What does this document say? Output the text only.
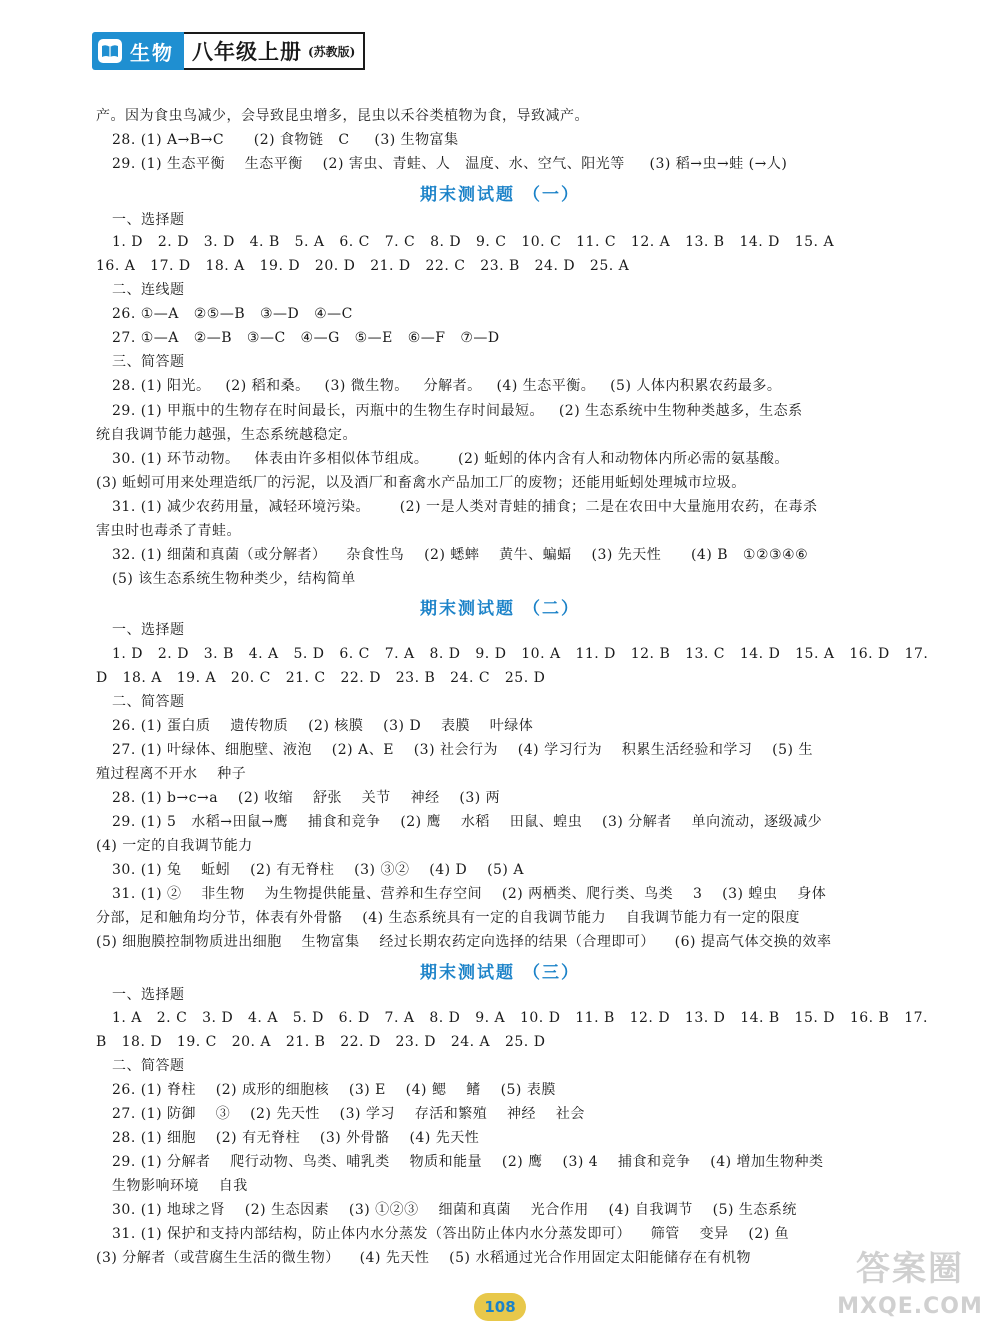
生物 八年级上册 (苏教版)
产。因为食虫鸟减少，会导致昆虫增多，昆虫以禾谷类植物为食，导致减产。
28. (1) A→B→C      (2) 食物链   C     (3) 生物富集
29. (1) 生态平衡    生态平衡    (2) 害虫、青蛙、人   温度、水、空气、阳光等     (3) 稻→虫→蛙 (→人)
期末测试题 （一）
一、选择题
1. D   2. D   3. D   4. B   5. A   6. C   7. C   8. D   9. C   10. C   11. C   12. A   13. B   14. D   15. A
16. A   17. D   18. A   19. D   20. D   21. D   22. C   23. B   24. D   25. A
二、连线题
26. ①—A   ②⑤—B   ③—D   ④—C
27. ①—A   ②—B   ③—C   ④—G   ⑤—E   ⑥—F   ⑦—D
三、简答题
28. (1) 阳光。   (2) 稻和桑。   (3) 微生物。   分解者。   (4) 生态平衡。   (5) 人体内积累农药最多。
29. (1) 甲瓶中的生物存在时间最长，丙瓶中的生物生存时间最短。   (2) 生态系统中生物种类越多，生态系
统自我调节能力越强，生态系统越稳定。
30. (1) 环节动物。   体表由许多相似体节组成。      (2) 蚯蚓的体内含有人和动物体内所必需的氨基酸。
(3) 蚯蚓可用来处理造纸厂的污泥，以及酒厂和畜禽水产品加工厂的废物；还能用蚯蚓处理城市垃圾。
31. (1) 减少农药用量，减轻环境污染。      (2) 一是人类对青蛙的捕食；二是在农田中大量施用农药，在毒杀
害虫时也毒杀了青蛙。
32. (1) 细菌和真菌（或分解者）    杂食性鸟    (2) 蟋蟀    黄牛、蝙蝠    (3) 先天性      (4) B   ①②③④⑥
(5) 该生态系统生物种类少，结构简单
期末测试题 （二）
一、选择题
1. D   2. D   3. B   4. A   5. D   6. C   7. A   8. D   9. D   10. A   11. D   12. B   13. C   14. D   15. A   16. D   17.
D   18. A   19. A   20. C   21. C   22. D   23. B   24. C   25. D
二、简答题
26. (1) 蛋白质    遗传物质    (2) 核膜    (3) D    表膜    叶绿体
27. (1) 叶绿体、细胞壁、液泡    (2) A、E    (3) 社会行为    (4) 学习行为    积累生活经验和学习    (5) 生
殖过程离不开水    种子
28. (1) b→c→a    (2) 收缩    舒张    关节    神经    (3) 两
29. (1) 5   水稻→田鼠→鹰    捕食和竞争    (2) 鹰    水稻    田鼠、蝗虫    (3) 分解者    单向流动，逐级减少
(4) 一定的自我调节能力
30. (1) 兔    蚯蚓    (2) 有无脊柱    (3) ③②    (4) D    (5) A
31. (1) ②    非生物    为生物提供能量、营养和生存空间    (2) 两栖类、爬行类、鸟类    3    (3) 蝗虫    身体
分部，足和触角均分节，体表有外骨骼    (4) 生态系统具有一定的自我调节能力    自我调节能力有一定的限度
(5) 细胞膜控制物质进出细胞    生物富集    经过长期农药定向选择的结果（合理即可）    (6) 提高气体交换的效率
期末测试题 （三）
一、选择题
1. A   2. C   3. D   4. A   5. D   6. D   7. A   8. D   9. A   10. D   11. B   12. D   13. D   14. B   15. D   16. B   17.
B   18. D   19. C   20. A   21. B   22. D   23. D   24. A   25. D
二、简答题
26. (1) 脊柱    (2) 成形的细胞核    (3) E    (4) 鳃    鳍    (5) 表膜
27. (1) 防御    ③    (2) 先天性    (3) 学习    存活和繁殖    神经    社会
28. (1) 细胞    (2) 有无脊柱    (3) 外骨骼    (4) 先天性
29. (1) 分解者    爬行动物、鸟类、哺乳类    物质和能量    (2) 鹰    (3) 4    捕食和竞争    (4) 增加生物种类
生物影响环境    自我
30. (1) 地球之肾    (2) 生态因素    (3) ①②③    细菌和真菌    光合作用    (4) 自我调节    (5) 生态系统
31. (1) 保护和支持内部结构，防止体内水分蒸发（答出防止体内水分蒸发即可）    筛管    变异    (2) 鱼
(3) 分解者（或营腐生生活的微生物）    (4) 先天性    (5) 水稻通过光合作用固定太阳能储存在有机物
108
答案圈
MXQE.COM
